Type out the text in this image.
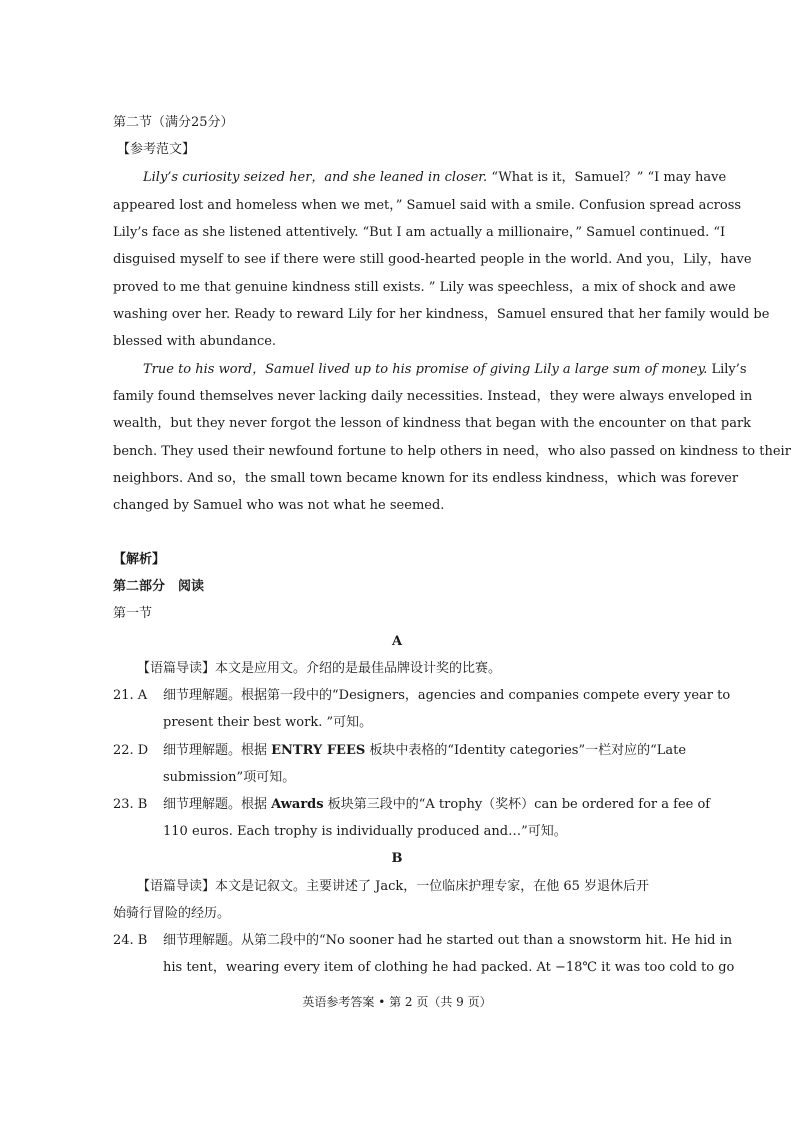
第二节（满分25分）
【参考范文】
Lily’s curiosity seized her，and she leaned in closer. “What is it，Samuel？” “I may have
appeared lost and homeless when we met，” Samuel said with a smile. Confusion spread across
Lily’s face as she listened attentively. “But I am actually a millionaire，” Samuel continued. “I
disguised myself to see if there were still good-hearted people in the world. And you，Lily，have
proved to me that genuine kindness still exists. ” Lily was speechless，a mix of shock and awe
washing over her. Ready to reward Lily for her kindness，Samuel ensured that her family would be
blessed with abundance.
True to his word，Samuel lived up to his promise of giving Lily a large sum of money. Lily’s
family found themselves never lacking daily necessities. Instead，they were always enveloped in
wealth，but they never forgot the lesson of kindness that began with the encounter on that park
bench. They used their newfound fortune to help others in need，who also passed on kindness to their
neighbors. And so，the small town became known for its endless kindness，which was forever
changed by Samuel who was not what he seemed.
【解析】
第二部分　阅读
第一节
A
【语篇导读】本文是应用文。介绍的是最佳品牌设计奖的比赛。
21. A 细节理解题。根据第一段中的“Designers，agencies and companies compete every year to
present their best work. ”可知。
22. D 细节理解题。根据 ENTRY FEES 板块中表格的“Identity categories”一栏对应的“Late
submission”项可知。
23. B 细节理解题。根据 Awards 板块第三段中的“A trophy（奖杯）can be ordered for a fee of
110 euros. Each trophy is individually produced and…”可知。
B
【语篇导读】本文是记叙文。主要讲述了 Jack，一位临床护理专家，在他 65 岁退休后开
始骑行冒险的经历。
24. B 细节理解题。从第二段中的“No sooner had he started out than a snowstorm hit. He hid in
his tent，wearing every item of clothing he had packed. At −18℃ it was too cold to go
英语参考答案 • 第 2 页（共 9 页）
